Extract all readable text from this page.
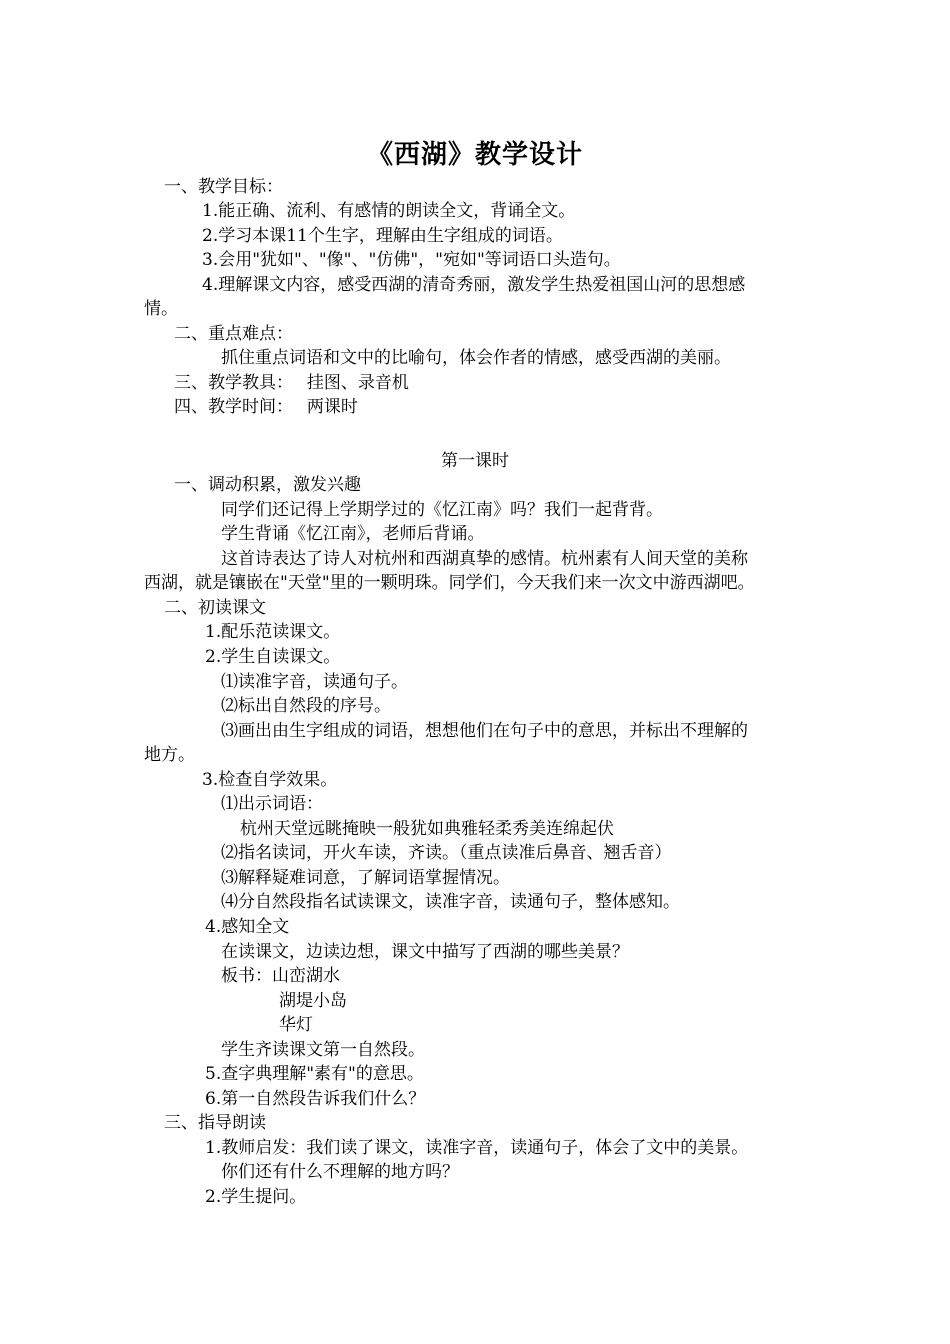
《西湖》教学设计
一、教学目标：
1.能正确、流利、有感情的朗读全文，背诵全文。
2.学习本课11个生字，理解由生字组成的词语。
3.会用"犹如"、"像"、"仿佛"，"宛如"等词语口头造句。
4.理解课文内容，感受西湖的清奇秀丽，激发学生热爱祖国山河的思想感
情。
二、重点难点：
抓住重点词语和文中的比喻句，体会作者的情感，感受西湖的美丽。
三、教学教具：　 挂图、录音机
四、教学时间：　 两课时
第一课时
一、调动积累，激发兴趣
同学们还记得上学期学过的《忆江南》吗？我们一起背背。
学生背诵《忆江南》，老师后背诵。
这首诗表达了诗人对杭州和西湖真挚的感情。杭州素有人间天堂的美称
西湖，就是镶嵌在"天堂"里的一颗明珠。同学们，今天我们来一次文中游西湖吧。
二、初读课文
1.配乐范读课文。
2.学生自读课文。
⑴读准字音，读通句子。
⑵标出自然段的序号。
⑶画出由生字组成的词语，想想他们在句子中的意思，并标出不理解的
地方。
3.检查自学效果。
⑴出示词语：
杭州天堂远眺掩映一般犹如典雅轻柔秀美连绵起伏
⑵指名读词，开火车读，齐读。（重点读准后鼻音、翘舌音）
⑶解释疑难词意，了解词语掌握情况。
⑷分自然段指名试读课文，读准字音，读通句子，整体感知。
4.感知全文
在读课文，边读边想，课文中描写了西湖的哪些美景？
板书：山峦湖水
湖堤小岛
华灯
学生齐读课文第一自然段。
5.查字典理解"素有"的意思。
6.第一自然段告诉我们什么？
三、指导朗读
1.教师启发：我们读了课文，读准字音，读通句子，体会了文中的美景。
你们还有什么不理解的地方吗？
2.学生提问。
